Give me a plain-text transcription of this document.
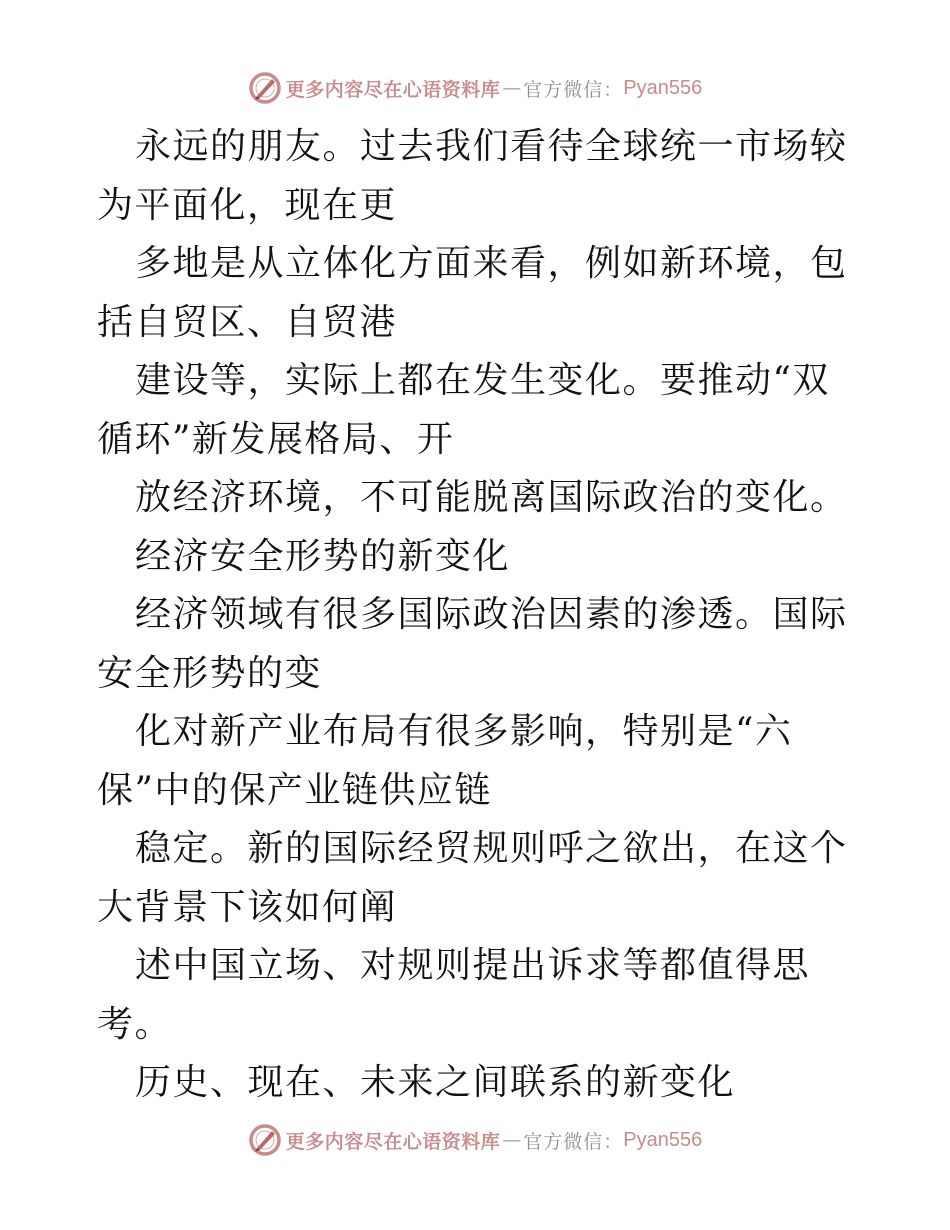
更多内容尽在心语资料库 — 官方微信： Pyan556

永远的朋友。过去我们看待全球统一市场较为平面化，现在更

多地是从立体化方面来看，例如新环境，包括自贸区、自贸港

建设等，实际上都在发生变化。要推动“双循环”新发展格局、开

放经济环境，不可能脱离国际政治的变化。

经济安全形势的新变化

经济领域有很多国际政治因素的渗透。国际安全形势的变

化对新产业布局有很多影响，特别是“六保”中的保产业链供应链

稳定。新的国际经贸规则呼之欲出，在这个大背景下该如何阐

述中国立场、对规则提出诉求等都值得思考。

历史、现在、未来之间联系的新变化

更多内容尽在心语资料库 — 官方微信： Pyan556
